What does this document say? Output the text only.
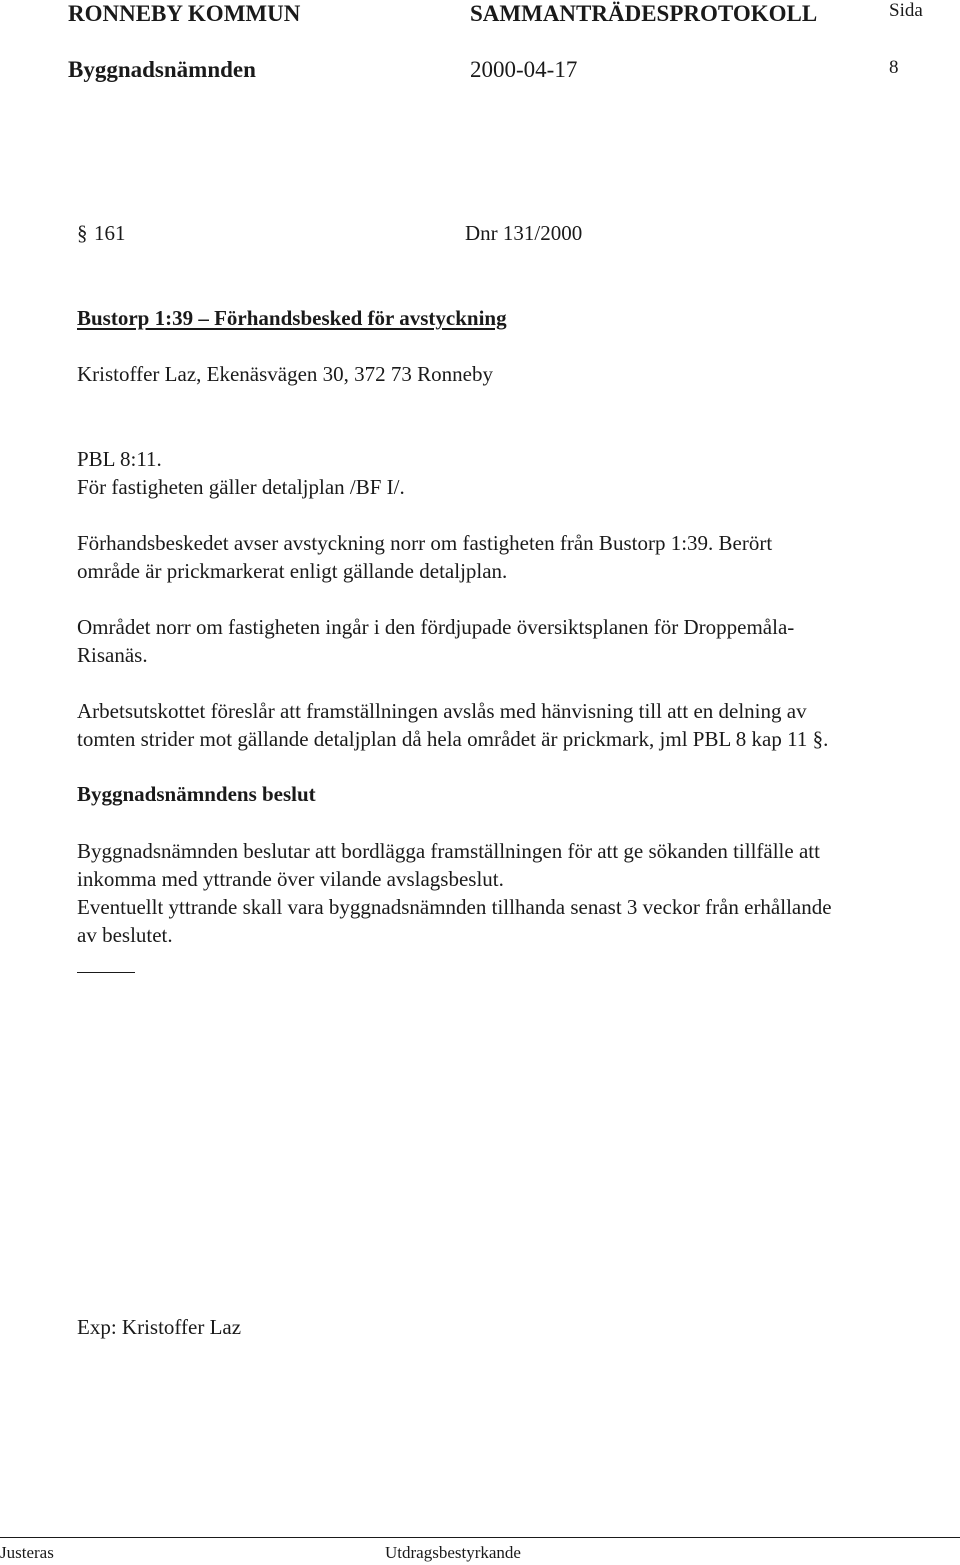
RONNEBY KOMMUN	SAMMANTRÄDESPROTOKOLL	Sida
Byggnadsnämnden	2000-04-17	8
§ 161	Dnr 131/2000
Bustorp 1:39 – Förhandsbesked för avstyckning
Kristoffer Laz, Ekenäsvägen 30, 372 73 Ronneby
PBL 8:11.
För fastigheten gäller detaljplan /BF I/.
Förhandsbeskedet avser avstyckning norr om fastigheten från Bustorp 1:39. Berört
område är prickmarkerat enligt gällande detaljplan.
Området norr om fastigheten ingår i den fördjupade översiktsplanen för Droppemåla-
Risanäs.
Arbetsutskottet föreslår att framställningen avslås med hänvisning till att en delning av
tomten strider mot gällande detaljplan då hela området är prickmark, jml PBL 8 kap 11 §.
Byggnadsnämndens beslut
Byggnadsnämnden beslutar att bordlägga framställningen för att ge sökanden tillfälle att
inkomma med yttrande över vilande avslagsbeslut.
Eventuellt yttrande skall vara byggnadsnämnden tillhanda senast 3 veckor från erhållande
av beslutet.
Exp: Kristoffer Laz
Justeras	Utdragsbestyrkande
